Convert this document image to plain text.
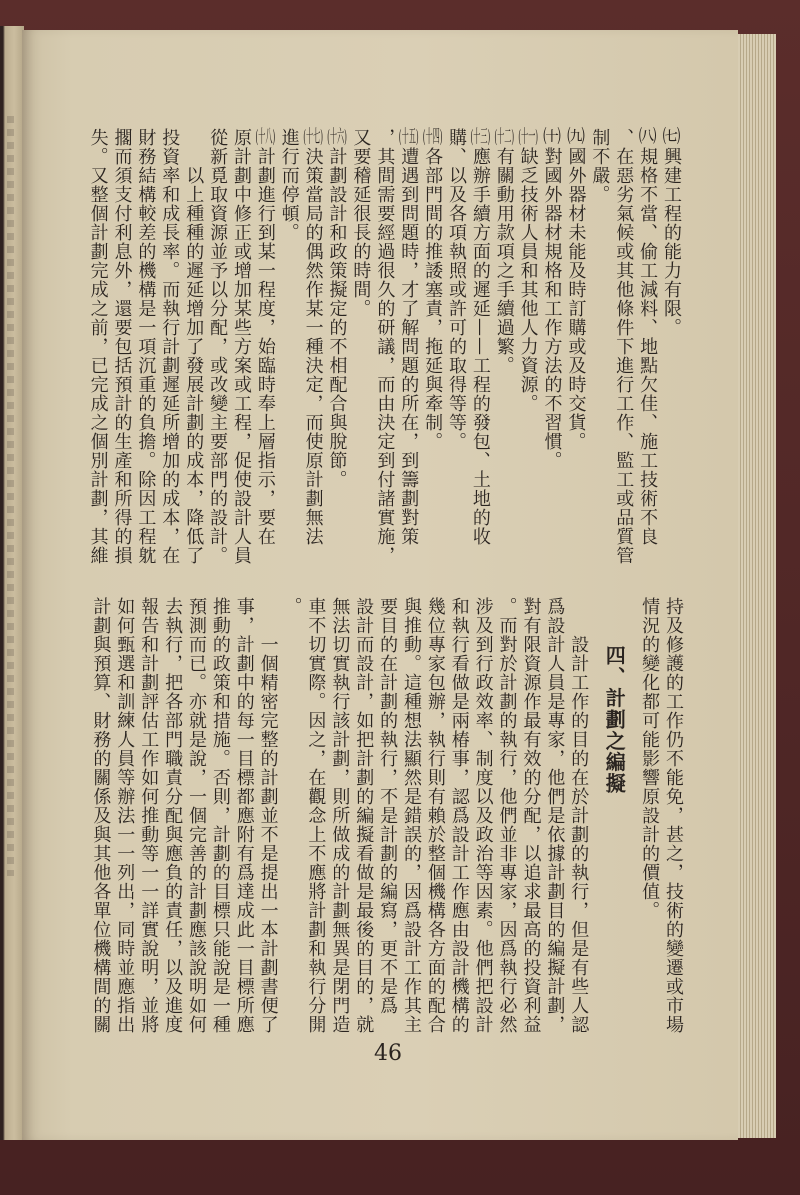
㈦興建工程的能力有限。
㈧規格不當、偷工減料、地點欠佳、施工技術不良
、在惡劣氣候或其他條件下進行工作、監工或品質管
制不嚴。
㈨國外器材未能及時訂購或及時交貨。
㈩對國外器材規格和工作方法的不習慣。
(十一)缺乏技術人員和其他人力資源。
(十二)有關動用款項之手續過繁。
(十三)應辦手續方面的遲延——工程的發包、土地的收
購、以及各項執照或許可的取得等等。
(十四)各部門間的推諉塞責，拖延與牽制。
(十五)遭遇到問題時，才了解問題的所在，到籌劃對策
，其間需要經過很久的研議，而由決定到付諸實施，
又要稽延很長的時間。
(十六)計劃設計和政策擬定的不相配合與脫節。
(十七)決策當局的偶然作某一種決定，而使原計劃無法
進行而停頓。
(十八)計劃進行到某一程度，始臨時奉上層指示，要在
原計劃中修正或增加某些方案或工程，促使設計人員
從新覓取資源並予以分配，或改變主要部門的設計。
以上種種的遲延增加了發展計劃的成本，降低了
投資率和成長率。而執行計劃遲延所增加的成本，在
財務結構較差的機構是一項沉重的負擔。除因工程躭
擱而須支付利息外，還要包括預計的生產和所得的損
失。又整個計劃完成之前，已完成之個別計劃，其維
持及修護的工作仍不能免，甚之，技術的變遷或市場
情況的變化都可能影響原設計的價值。
四、計劃之編擬
設計工作的目的在於計劃的執行，但是有些人認
爲設計人員是專家，他們是依據計劃目的編擬計劃，
對有限資源作最有效的分配，以追求最高的投資利益
。而對於計劃的執行，他們並非專家，因爲執行必然
涉及到行政效率、制度以及政治等因素。他們把設計
和執行看做是兩椿事，認爲設計工作應由設計機構的
幾位專家包辦，執行則有賴於整個機構各方面的配合
與推動。這種想法顯然是錯誤的，因爲設計工作其主
要目的在計劃的執行，不是計劃的編寫，更不是爲
設計而設計，如把計劃的編擬看做是最後的目的，就
無法切實執行該計劃，則所做成的計劃無異是閉門造
車不切實際。因之，在觀念上不應將計劃和執行分開
。
一個精密完整的計劃並不是提出一本計劃書便了
事，計劃中的每一目標都應附有爲達成此一目標所應
推動的政策和措施。否則，計劃的目標只能說是一種
預測而已。亦就是說，一個完善的計劃應該說明如何
去執行，把各部門職責分配與應負的責任，以及進度
報告和計劃評估工作如何推動等一一詳實說明，並將
如何甄選和訓練人員等辦法一一列出，同時並應指出
計劃與預算、財務的關係及與其他各單位機構間的關
46
